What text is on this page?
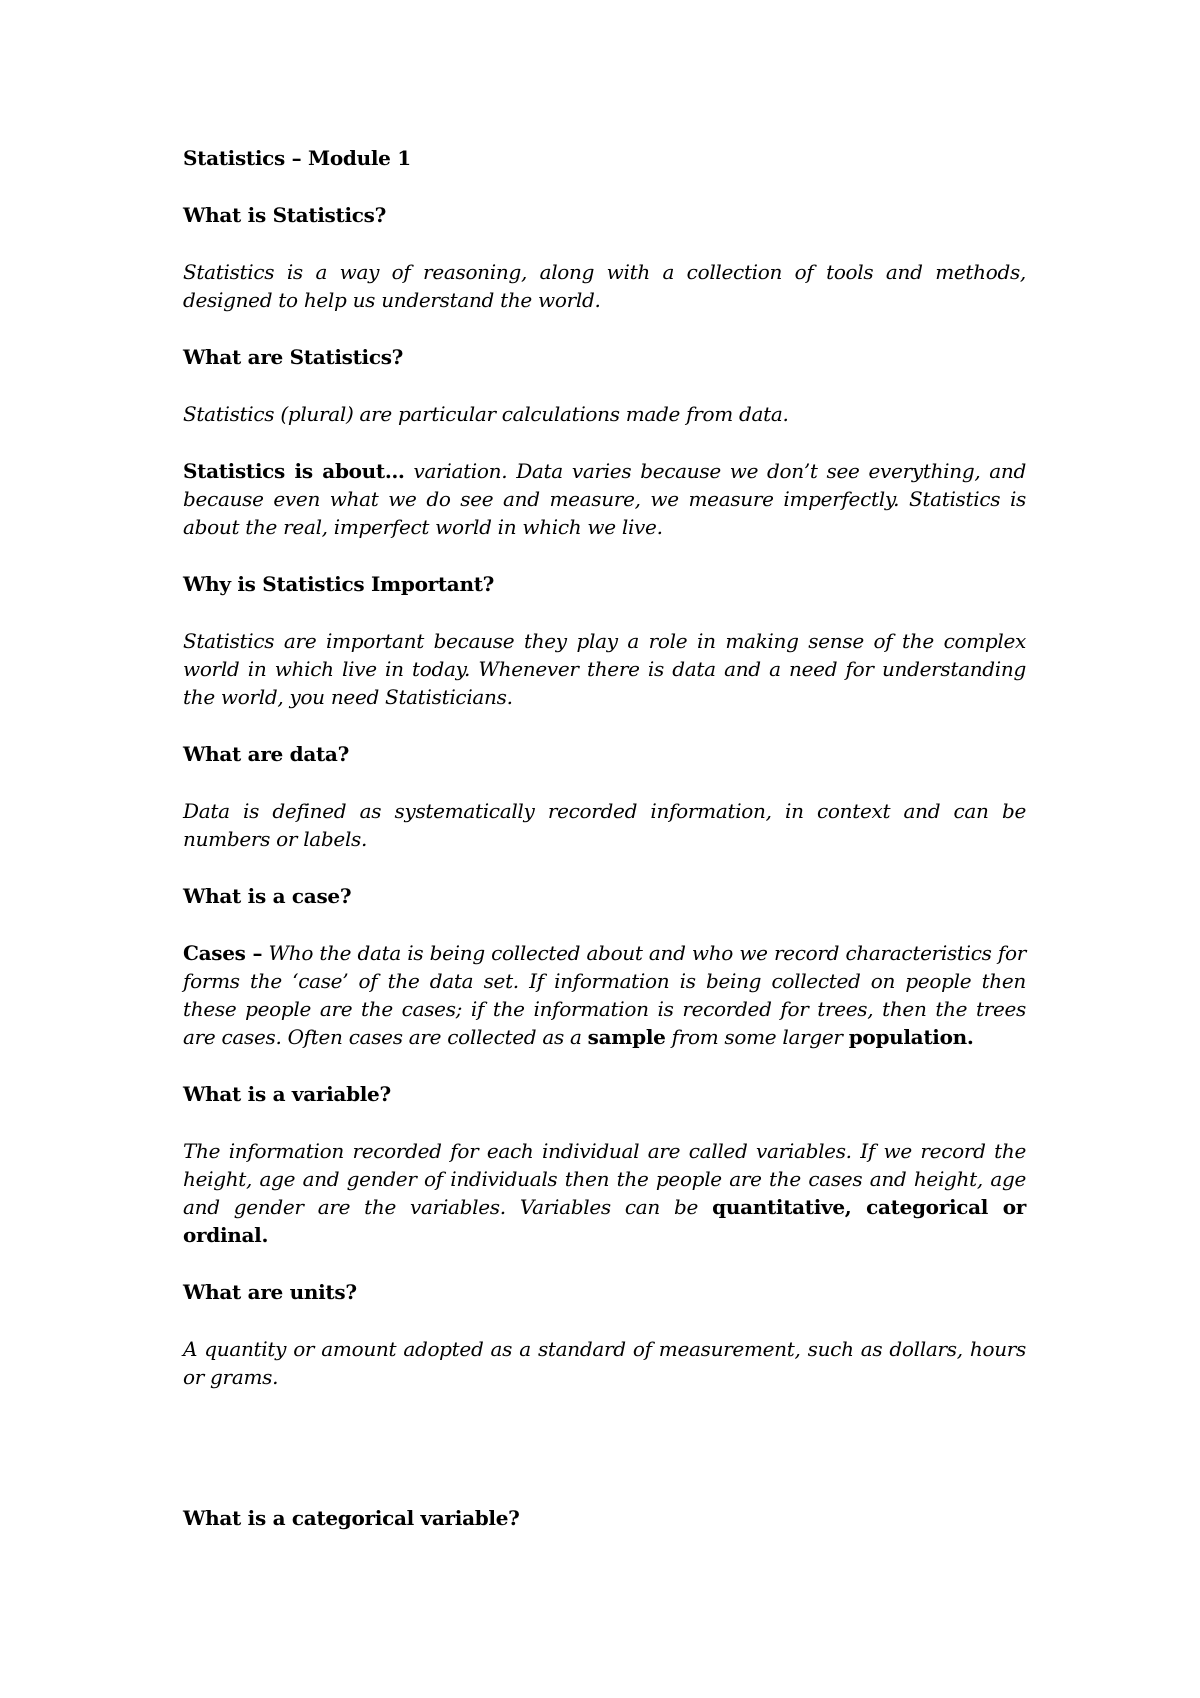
Statistics – Module 1

What is Statistics?

Statistics is a way of reasoning, along with a collection of tools and methods, designed to help us understand the world.

What are Statistics?

Statistics (plural) are particular calculations made from data.

Statistics is about… variation. Data varies because we don’t see everything, and because even what we do see and measure, we measure imperfectly. Statistics is about the real, imperfect world in which we live.

Why is Statistics Important?

Statistics are important because they play a role in making sense of the complex world in which live in today. Whenever there is data and a need for understanding the world, you need Statisticians.

What are data?

Data is defined as systematically recorded information, in context and can be numbers or labels.

What is a case?

Cases – Who the data is being collected about and who we record characteristics for forms the ‘case’ of the data set. If information is being collected on people then these people are the cases; if the information is recorded for trees, then the trees are cases. Often cases are collected as a sample from some larger population.

What is a variable?

The information recorded for each individual are called variables. If we record the height, age and gender of individuals then the people are the cases and height, age and gender are the variables. Variables can be quantitative, categorical or ordinal.

What are units?

A quantity or amount adopted as a standard of measurement, such as dollars, hours or grams.

What is a categorical variable?
